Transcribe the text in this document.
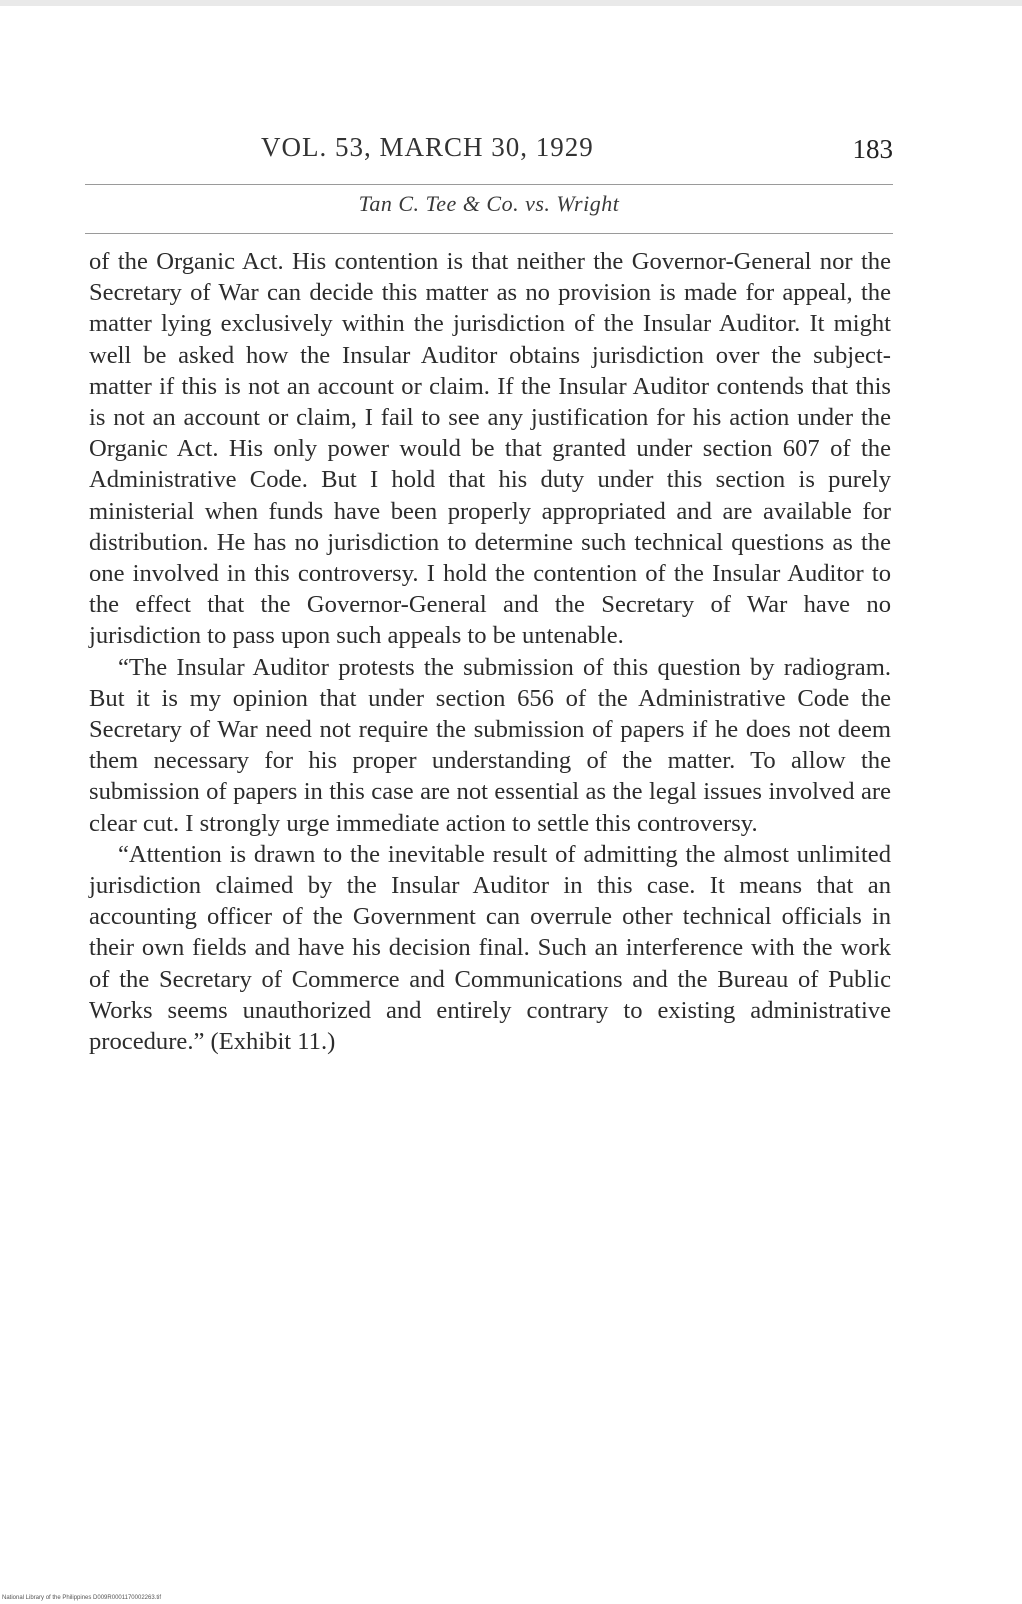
VOL. 53, MARCH 30, 1929	183
Tan C. Tee & Co. vs. Wright

of the Organic Act. His contention is that neither the Governor-General nor the Secretary of War can decide this matter as no provision is made for appeal, the matter lying exclusively within the jurisdiction of the Insular Auditor. It might well be asked how the Insular Auditor obtains jurisdiction over the subject-matter if this is not an account or claim. If the Insular Auditor contends that this is not an account or claim, I fail to see any justification for his action under the Organic Act. His only power would be that granted under section 607 of the Administrative Code. But I hold that his duty under this section is purely ministerial when funds have been properly appropriated and are available for distribution. He has no jurisdiction to determine such technical questions as the one involved in this controversy. I hold the contention of the Insular Auditor to the effect that the Governor-General and the Secretary of War have no jurisdiction to pass upon such appeals to be untenable.

“The Insular Auditor protests the submission of this question by radiogram. But it is my opinion that under section 656 of the Administrative Code the Secretary of War need not require the submission of papers if he does not deem them necessary for his proper understanding of the matter. To allow the submission of papers in this case are not essential as the legal issues involved are clear cut. I strongly urge immediate action to settle this controversy.

“Attention is drawn to the inevitable result of admitting the almost unlimited jurisdiction claimed by the Insular Auditor in this case. It means that an accounting officer of the Government can overrule other technical officials in their own fields and have his decision final. Such an interference with the work of the Secretary of Commerce and Communications and the Bureau of Public Works seems unauthorized and entirely contrary to existing administrative procedure.” (Exhibit 11.)

National Library of the Philippines D009R0001170002263.tif
